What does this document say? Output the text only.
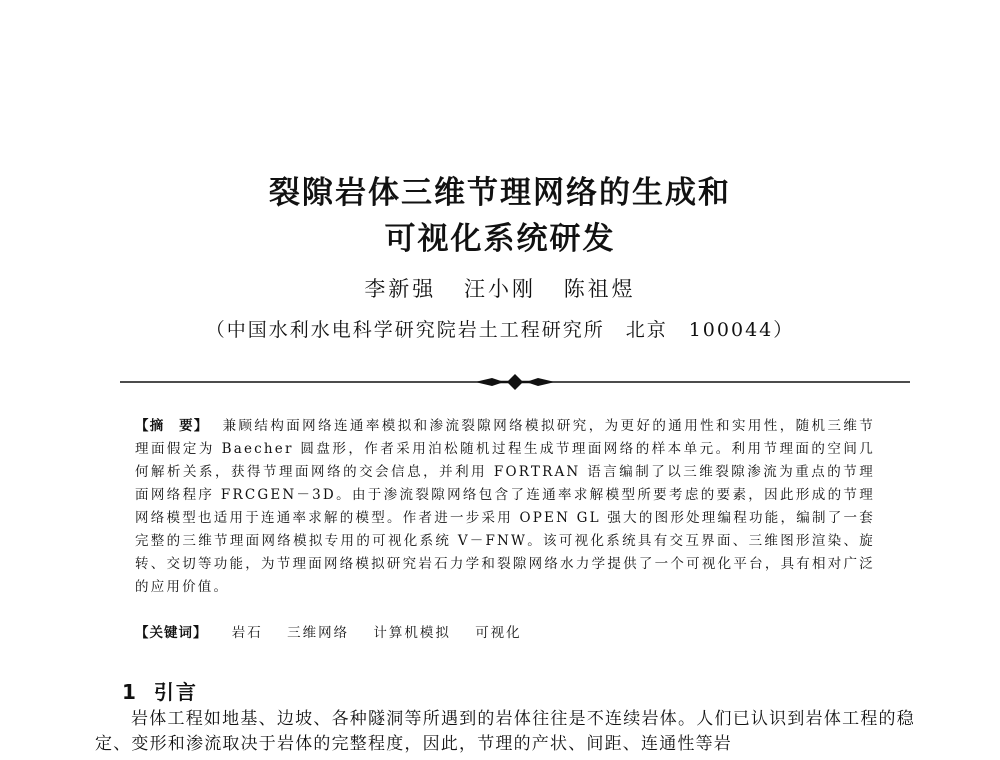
裂隙岩体三维节理网络的生成和
可视化系统研发
李新强 汪小刚 陈祖煜
（中国水利水电科学研究院岩土工程研究所　北京　100044）
【摘　要】 兼顾结构面网络连通率模拟和渗流裂隙网络模拟研究，为更好的通用性和实用性，随机三维节理面假定为 Baecher 圆盘形，作者采用泊松随机过程生成节理面网络的样本单元。利用节理面的空间几何解析关系，获得节理面网络的交会信息，并利用 FORTRAN 语言编制了以三维裂隙渗流为重点的节理面网络程序 FRCGEN－3D。由于渗流裂隙网络包含了连通率求解模型所要考虑的要素，因此形成的节理网络模型也适用于连通率求解的模型。作者进一步采用 OPEN GL 强大的图形处理编程功能，编制了一套完整的三维节理面网络模拟专用的可视化系统 V－FNW。该可视化系统具有交互界面、三维图形渲染、旋转、交切等功能，为节理面网络模拟研究岩石力学和裂隙网络水力学提供了一个可视化平台，具有相对广泛的应用价值。
【关键词】 岩石 三维网络 计算机模拟 可视化
1 引言
岩体工程如地基、边坡、各种隧洞等所遇到的岩体往往是不连续岩体。人们已认识到岩体工程的稳定、变形和渗流取决于岩体的完整程度，因此，节理的产状、间距、连通性等岩
